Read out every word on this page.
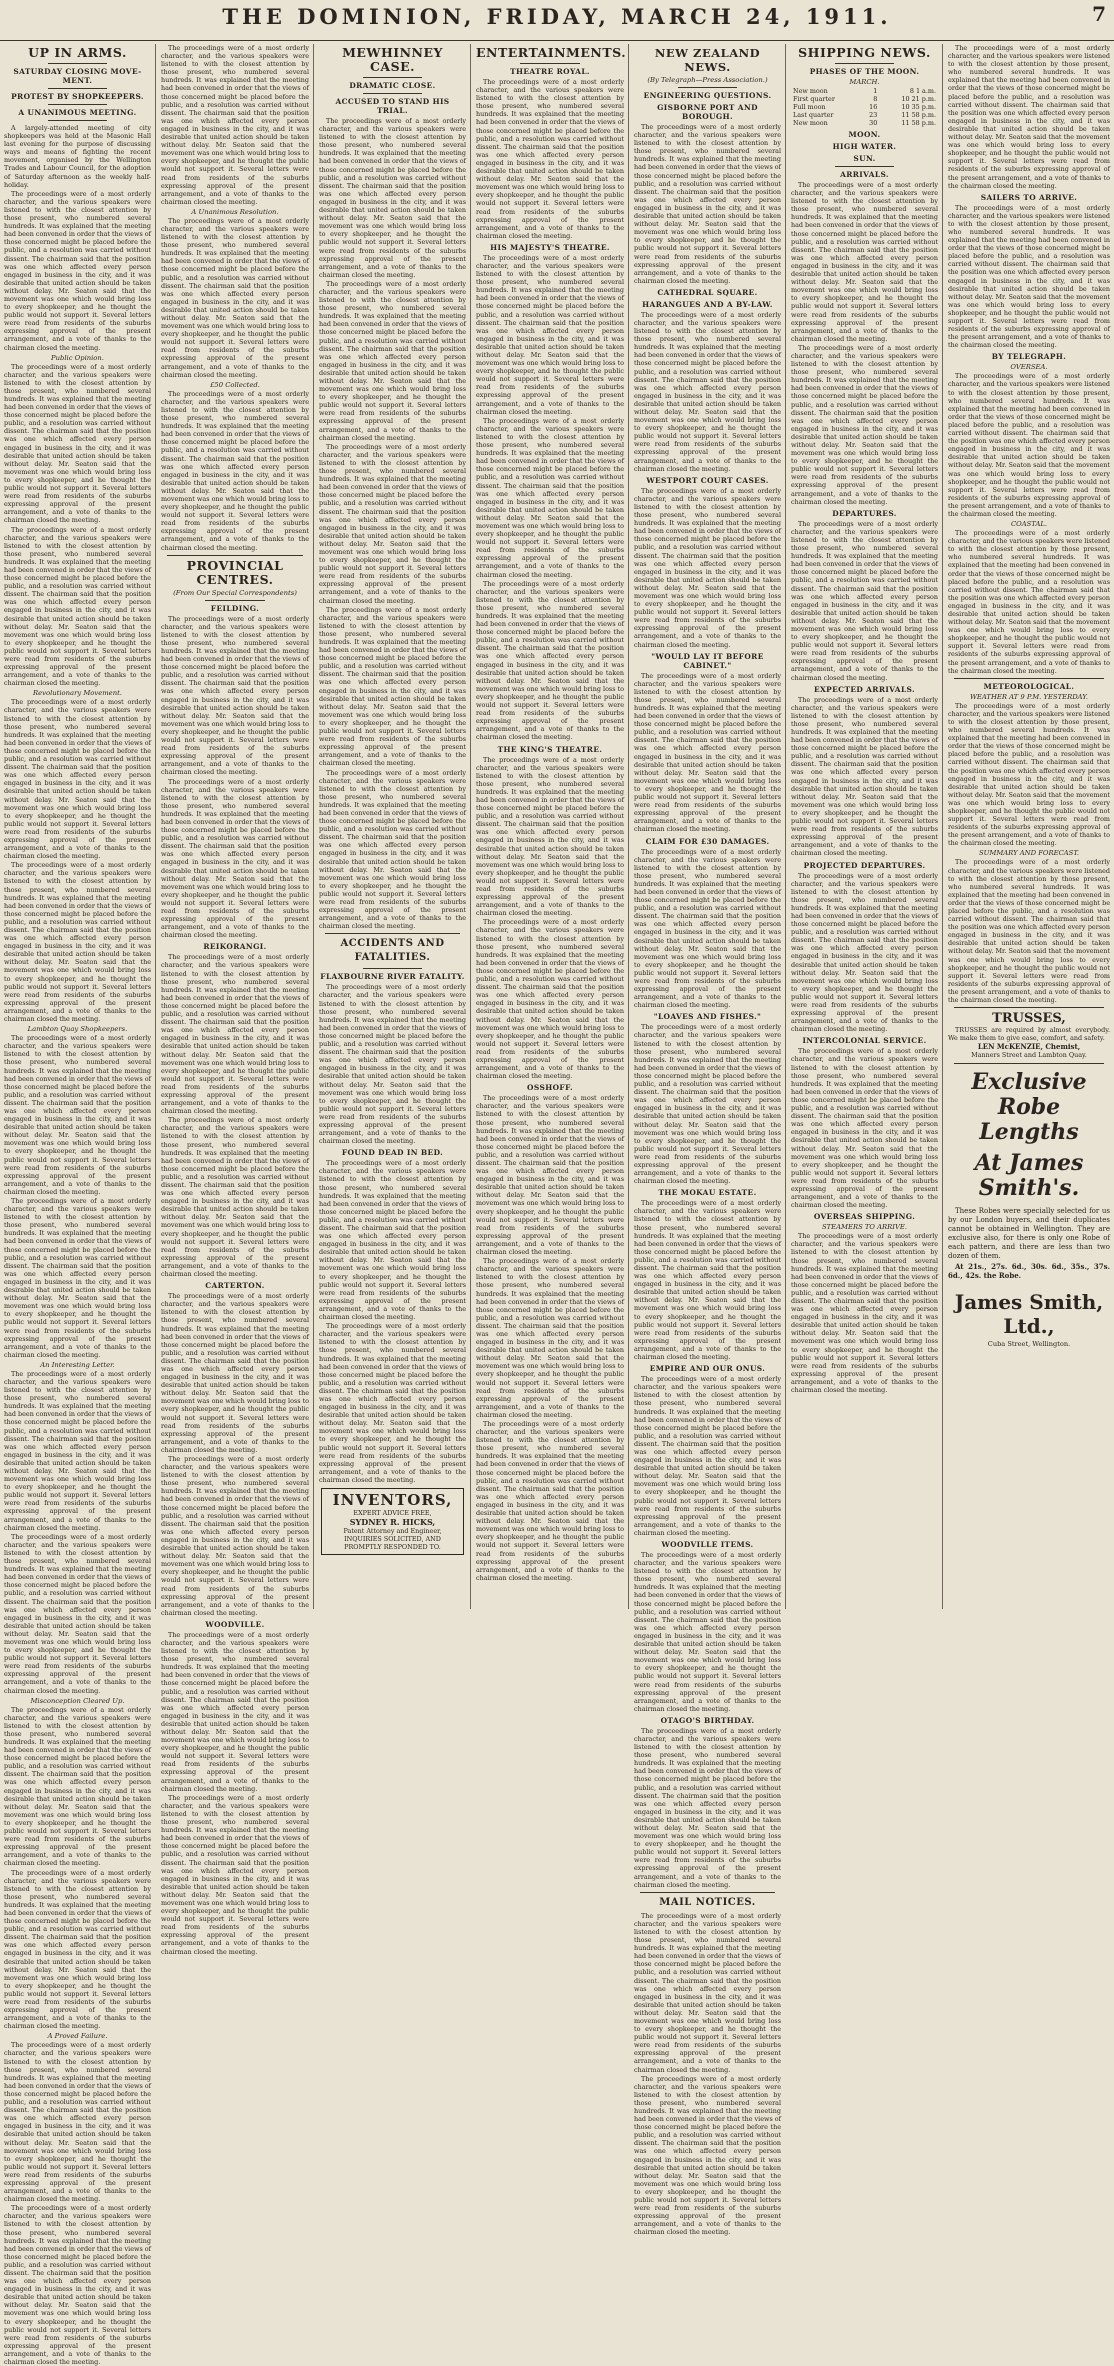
THE DOMINION, FRIDAY, MARCH 24, 1911.	7
UP IN ARMS.
SATURDAY CLOSING MOVE-
MENT.
PROTEST BY SHOPKEEPERS.
A UNANIMOUS MEETING.

A largely-attended meeting of city shopkeepers was held at the Masonic Hall last evening for the purpose of discussing ways and means of fighting the recent movement, organised by the Wellington Trades and Labour Council, for the adoption of Saturday afternoon as the weekly half-holiday.

The proceedings were of a most orderly character, and the various speakers were listened to with the closest attention by those present, who numbered several hundreds. It was explained that the meeting had been convened in order that the views of those concerned might be placed before the public, and a resolution was carried without dissent. The chairman said that the position was one which affected every person engaged in business in the city, and it was desirable that united action should be taken without delay. Mr. Seaton said that the movement was one which would bring loss to every shopkeeper, and he thought the public would not support it. Several letters were read from residents of the suburbs expressing approval of the present arrangement, and a vote of thanks to the chairman closed the meeting.

Public Opinion.

The proceedings were of a most orderly character, and the various speakers were listened to with the closest attention by those present, who numbered several hundreds. It was explained that the meeting had been convened in order that the views of those concerned might be placed before the public, and a resolution was carried without dissent. The chairman said that the position was one which affected every person engaged in business in the city, and it was desirable that united action should be taken without delay. Mr. Seaton said that the movement was one which would bring loss to every shopkeeper, and he thought the public would not support it. Several letters were read from residents of the suburbs expressing approval of the present arrangement, and a vote of thanks to the chairman closed the meeting.

The proceedings were of a most orderly character, and the various speakers were listened to with the closest attention by those present, who numbered several hundreds. It was explained that the meeting had been convened in order that the views of those concerned might be placed before the public, and a resolution was carried without dissent. The chairman said that the position was one which affected every person engaged in business in the city, and it was desirable that united action should be taken without delay. Mr. Seaton said that the movement was one which would bring loss to every shopkeeper, and he thought the public would not support it. Several letters were read from residents of the suburbs expressing approval of the present arrangement, and a vote of thanks to the chairman closed the meeting.

Revolutionary Movement.

The proceedings were of a most orderly character, and the various speakers were listened to with the closest attention by those present, who numbered several hundreds. It was explained that the meeting had been convened in order that the views of those concerned might be placed before the public, and a resolution was carried without dissent. The chairman said that the position was one which affected every person engaged in business in the city, and it was desirable that united action should be taken without delay. Mr. Seaton said that the movement was one which would bring loss to every shopkeeper, and he thought the public would not support it. Several letters were read from residents of the suburbs expressing approval of the present arrangement, and a vote of thanks to the chairman closed the meeting.

The proceedings were of a most orderly character, and the various speakers were listened to with the closest attention by those present, who numbered several hundreds. It was explained that the meeting had been convened in order that the views of those concerned might be placed before the public, and a resolution was carried without dissent. The chairman said that the position was one which affected every person engaged in business in the city, and it was desirable that united action should be taken without delay. Mr. Seaton said that the movement was one which would bring loss to every shopkeeper, and he thought the public would not support it. Several letters were read from residents of the suburbs expressing approval of the present arrangement, and a vote of thanks to the chairman closed the meeting.

Lambton Quay Shopkeepers.

The proceedings were of a most orderly character, and the various speakers were listened to with the closest attention by those present, who numbered several hundreds. It was explained that the meeting had been convened in order that the views of those concerned might be placed before the public, and a resolution was carried without dissent. The chairman said that the position was one which affected every person engaged in business in the city, and it was desirable that united action should be taken without delay. Mr. Seaton said that the movement was one which would bring loss to every shopkeeper, and he thought the public would not support it. Several letters were read from residents of the suburbs expressing approval of the present arrangement, and a vote of thanks to the chairman closed the meeting.

The proceedings were of a most orderly character, and the various speakers were listened to with the closest attention by those present, who numbered several hundreds. It was explained that the meeting had been convened in order that the views of those concerned might be placed before the public, and a resolution was carried without dissent. The chairman said that the position was one which affected every person engaged in business in the city, and it was desirable that united action should be taken without delay. Mr. Seaton said that the movement was one which would bring loss to every shopkeeper, and he thought the public would not support it. Several letters were read from residents of the suburbs expressing approval of the present arrangement, and a vote of thanks to the chairman closed the meeting.

An Interesting Letter.

The proceedings were of a most orderly character, and the various speakers were listened to with the closest attention by those present, who numbered several hundreds. It was explained that the meeting had been convened in order that the views of those concerned might be placed before the public, and a resolution was carried without dissent. The chairman said that the position was one which affected every person engaged in business in the city, and it was desirable that united action should be taken without delay. Mr. Seaton said that the movement was one which would bring loss to every shopkeeper, and he thought the public would not support it. Several letters were read from residents of the suburbs expressing approval of the present arrangement, and a vote of thanks to the chairman closed the meeting.

The proceedings were of a most orderly character, and the various speakers were listened to with the closest attention by those present, who numbered several hundreds. It was explained that the meeting had been convened in order that the views of those concerned might be placed before the public, and a resolution was carried without dissent. The chairman said that the position was one which affected every person engaged in business in the city, and it was desirable that united action should be taken without delay. Mr. Seaton said that the movement was one which would bring loss to every shopkeeper, and he thought the public would not support it. Several letters were read from residents of the suburbs expressing approval of the present arrangement, and a vote of thanks to the chairman closed the meeting.

Misconception Cleared Up.

The proceedings were of a most orderly character, and the various speakers were listened to with the closest attention by those present, who numbered several hundreds. It was explained that the meeting had been convened in order that the views of those concerned might be placed before the public, and a resolution was carried without dissent. The chairman said that the position was one which affected every person engaged in business in the city, and it was desirable that united action should be taken without delay. Mr. Seaton said that the movement was one which would bring loss to every shopkeeper, and he thought the public would not support it. Several letters were read from residents of the suburbs expressing approval of the present arrangement, and a vote of thanks to the chairman closed the meeting.

The proceedings were of a most orderly character, and the various speakers were listened to with the closest attention by those present, who numbered several hundreds. It was explained that the meeting had been convened in order that the views of those concerned might be placed before the public, and a resolution was carried without dissent. The chairman said that the position was one which affected every person engaged in business in the city, and it was desirable that united action should be taken without delay. Mr. Seaton said that the movement was one which would bring loss to every shopkeeper, and he thought the public would not support it. Several letters were read from residents of the suburbs expressing approval of the present arrangement, and a vote of thanks to the chairman closed the meeting.

A Proved Failure.

The proceedings were of a most orderly character, and the various speakers were listened to with the closest attention by those present, who numbered several hundreds. It was explained that the meeting had been convened in order that the views of those concerned might be placed before the public, and a resolution was carried without dissent. The chairman said that the position was one which affected every person engaged in business in the city, and it was desirable that united action should be taken without delay. Mr. Seaton said that the movement was one which would bring loss to every shopkeeper, and he thought the public would not support it. Several letters were read from residents of the suburbs expressing approval of the present arrangement, and a vote of thanks to the chairman closed the meeting.

The proceedings were of a most orderly character, and the various speakers were listened to with the closest attention by those present, who numbered several hundreds. It was explained that the meeting had been convened in order that the views of those concerned might be placed before the public, and a resolution was carried without dissent. The chairman said that the position was one which affected every person engaged in business in the city, and it was desirable that united action should be taken without delay. Mr. Seaton said that the movement was one which would bring loss to every shopkeeper, and he thought the public would not support it. Several letters were read from residents of the suburbs expressing approval of the present arrangement, and a vote of thanks to the chairman closed the meeting.

The proceedings were of a most orderly character, and the various speakers were listened to with the closest attention by those present, who numbered several hundreds. It was explained that the meeting had been convened in order that the views of those concerned might be placed before the public, and a resolution was carried without dissent. The chairman said that the position was one which affected every person engaged in business in the city, and it was desirable that united action should be taken without delay. Mr. Seaton said that the movement was one which would bring loss to every shopkeeper, and he thought the public would not support it. Several letters were read from residents of the suburbs expressing approval of the present arrangement, and a vote of thanks to the chairman closed the meeting.

A Unanimous Resolution.

The proceedings were of a most orderly character, and the various speakers were listened to with the closest attention by those present, who numbered several hundreds. It was explained that the meeting had been convened in order that the views of those concerned might be placed before the public, and a resolution was carried without dissent. The chairman said that the position was one which affected every person engaged in business in the city, and it was desirable that united action should be taken without delay. Mr. Seaton said that the movement was one which would bring loss to every shopkeeper, and he thought the public would not support it. Several letters were read from residents of the suburbs expressing approval of the present arrangement, and a vote of thanks to the chairman closed the meeting.

£50 Collected.

The proceedings were of a most orderly character, and the various speakers were listened to with the closest attention by those present, who numbered several hundreds. It was explained that the meeting had been convened in order that the views of those concerned might be placed before the public, and a resolution was carried without dissent. The chairman said that the position was one which affected every person engaged in business in the city, and it was desirable that united action should be taken without delay. Mr. Seaton said that the movement was one which would bring loss to every shopkeeper, and he thought the public would not support it. Several letters were read from residents of the suburbs expressing approval of the present arrangement, and a vote of thanks to the chairman closed the meeting.

PROVINCIAL CENTRES.
(From Our Special Correspondents)
FEILDING.

The proceedings were of a most orderly character, and the various speakers were listened to with the closest attention by those present, who numbered several hundreds. It was explained that the meeting had been convened in order that the views of those concerned might be placed before the public, and a resolution was carried without dissent. The chairman said that the position was one which affected every person engaged in business in the city, and it was desirable that united action should be taken without delay. Mr. Seaton said that the movement was one which would bring loss to every shopkeeper, and he thought the public would not support it. Several letters were read from residents of the suburbs expressing approval of the present arrangement, and a vote of thanks to the chairman closed the meeting.

The proceedings were of a most orderly character, and the various speakers were listened to with the closest attention by those present, who numbered several hundreds. It was explained that the meeting had been convened in order that the views of those concerned might be placed before the public, and a resolution was carried without dissent. The chairman said that the position was one which affected every person engaged in business in the city, and it was desirable that united action should be taken without delay. Mr. Seaton said that the movement was one which would bring loss to every shopkeeper, and he thought the public would not support it. Several letters were read from residents of the suburbs expressing approval of the present arrangement, and a vote of thanks to the chairman closed the meeting.

REIKORANGI.

The proceedings were of a most orderly character, and the various speakers were listened to with the closest attention by those present, who numbered several hundreds. It was explained that the meeting had been convened in order that the views of those concerned might be placed before the public, and a resolution was carried without dissent. The chairman said that the position was one which affected every person engaged in business in the city, and it was desirable that united action should be taken without delay. Mr. Seaton said that the movement was one which would bring loss to every shopkeeper, and he thought the public would not support it. Several letters were read from residents of the suburbs expressing approval of the present arrangement, and a vote of thanks to the chairman closed the meeting.

The proceedings were of a most orderly character, and the various speakers were listened to with the closest attention by those present, who numbered several hundreds. It was explained that the meeting had been convened in order that the views of those concerned might be placed before the public, and a resolution was carried without dissent. The chairman said that the position was one which affected every person engaged in business in the city, and it was desirable that united action should be taken without delay. Mr. Seaton said that the movement was one which would bring loss to every shopkeeper, and he thought the public would not support it. Several letters were read from residents of the suburbs expressing approval of the present arrangement, and a vote of thanks to the chairman closed the meeting.

CARTERTON.

The proceedings were of a most orderly character, and the various speakers were listened to with the closest attention by those present, who numbered several hundreds. It was explained that the meeting had been convened in order that the views of those concerned might be placed before the public, and a resolution was carried without dissent. The chairman said that the position was one which affected every person engaged in business in the city, and it was desirable that united action should be taken without delay. Mr. Seaton said that the movement was one which would bring loss to every shopkeeper, and he thought the public would not support it. Several letters were read from residents of the suburbs expressing approval of the present arrangement, and a vote of thanks to the chairman closed the meeting.

The proceedings were of a most orderly character, and the various speakers were listened to with the closest attention by those present, who numbered several hundreds. It was explained that the meeting had been convened in order that the views of those concerned might be placed before the public, and a resolution was carried without dissent. The chairman said that the position was one which affected every person engaged in business in the city, and it was desirable that united action should be taken without delay. Mr. Seaton said that the movement was one which would bring loss to every shopkeeper, and he thought the public would not support it. Several letters were read from residents of the suburbs expressing approval of the present arrangement, and a vote of thanks to the chairman closed the meeting.

WOODVILLE.

The proceedings were of a most orderly character, and the various speakers were listened to with the closest attention by those present, who numbered several hundreds. It was explained that the meeting had been convened in order that the views of those concerned might be placed before the public, and a resolution was carried without dissent. The chairman said that the position was one which affected every person engaged in business in the city, and it was desirable that united action should be taken without delay. Mr. Seaton said that the movement was one which would bring loss to every shopkeeper, and he thought the public would not support it. Several letters were read from residents of the suburbs expressing approval of the present arrangement, and a vote of thanks to the chairman closed the meeting.

The proceedings were of a most orderly character, and the various speakers were listened to with the closest attention by those present, who numbered several hundreds. It was explained that the meeting had been convened in order that the views of those concerned might be placed before the public, and a resolution was carried without dissent. The chairman said that the position was one which affected every person engaged in business in the city, and it was desirable that united action should be taken without delay. Mr. Seaton said that the movement was one which would bring loss to every shopkeeper, and he thought the public would not support it. Several letters were read from residents of the suburbs expressing approval of the present arrangement, and a vote of thanks to the chairman closed the meeting.

MEWHINNEY CASE.
DRAMATIC CLOSE.
ACCUSED TO STAND HIS TRIAL.

The proceedings were of a most orderly character, and the various speakers were listened to with the closest attention by those present, who numbered several hundreds. It was explained that the meeting had been convened in order that the views of those concerned might be placed before the public, and a resolution was carried without dissent. The chairman said that the position was one which affected every person engaged in business in the city, and it was desirable that united action should be taken without delay. Mr. Seaton said that the movement was one which would bring loss to every shopkeeper, and he thought the public would not support it. Several letters were read from residents of the suburbs expressing approval of the present arrangement, and a vote of thanks to the chairman closed the meeting.

The proceedings were of a most orderly character, and the various speakers were listened to with the closest attention by those present, who numbered several hundreds. It was explained that the meeting had been convened in order that the views of those concerned might be placed before the public, and a resolution was carried without dissent. The chairman said that the position was one which affected every person engaged in business in the city, and it was desirable that united action should be taken without delay. Mr. Seaton said that the movement was one which would bring loss to every shopkeeper, and he thought the public would not support it. Several letters were read from residents of the suburbs expressing approval of the present arrangement, and a vote of thanks to the chairman closed the meeting.

The proceedings were of a most orderly character, and the various speakers were listened to with the closest attention by those present, who numbered several hundreds. It was explained that the meeting had been convened in order that the views of those concerned might be placed before the public, and a resolution was carried without dissent. The chairman said that the position was one which affected every person engaged in business in the city, and it was desirable that united action should be taken without delay. Mr. Seaton said that the movement was one which would bring loss to every shopkeeper, and he thought the public would not support it. Several letters were read from residents of the suburbs expressing approval of the present arrangement, and a vote of thanks to the chairman closed the meeting.

The proceedings were of a most orderly character, and the various speakers were listened to with the closest attention by those present, who numbered several hundreds. It was explained that the meeting had been convened in order that the views of those concerned might be placed before the public, and a resolution was carried without dissent. The chairman said that the position was one which affected every person engaged in business in the city, and it was desirable that united action should be taken without delay. Mr. Seaton said that the movement was one which would bring loss to every shopkeeper, and he thought the public would not support it. Several letters were read from residents of the suburbs expressing approval of the present arrangement, and a vote of thanks to the chairman closed the meeting.

The proceedings were of a most orderly character, and the various speakers were listened to with the closest attention by those present, who numbered several hundreds. It was explained that the meeting had been convened in order that the views of those concerned might be placed before the public, and a resolution was carried without dissent. The chairman said that the position was one which affected every person engaged in business in the city, and it was desirable that united action should be taken without delay. Mr. Seaton said that the movement was one which would bring loss to every shopkeeper, and he thought the public would not support it. Several letters were read from residents of the suburbs expressing approval of the present arrangement, and a vote of thanks to the chairman closed the meeting.

ACCIDENTS AND FATALITIES.
FLAXBOURNE RIVER FATALITY.

The proceedings were of a most orderly character, and the various speakers were listened to with the closest attention by those present, who numbered several hundreds. It was explained that the meeting had been convened in order that the views of those concerned might be placed before the public, and a resolution was carried without dissent. The chairman said that the position was one which affected every person engaged in business in the city, and it was desirable that united action should be taken without delay. Mr. Seaton said that the movement was one which would bring loss to every shopkeeper, and he thought the public would not support it. Several letters were read from residents of the suburbs expressing approval of the present arrangement, and a vote of thanks to the chairman closed the meeting.

FOUND DEAD IN BED.

The proceedings were of a most orderly character, and the various speakers were listened to with the closest attention by those present, who numbered several hundreds. It was explained that the meeting had been convened in order that the views of those concerned might be placed before the public, and a resolution was carried without dissent. The chairman said that the position was one which affected every person engaged in business in the city, and it was desirable that united action should be taken without delay. Mr. Seaton said that the movement was one which would bring loss to every shopkeeper, and he thought the public would not support it. Several letters were read from residents of the suburbs expressing approval of the present arrangement, and a vote of thanks to the chairman closed the meeting.

The proceedings were of a most orderly character, and the various speakers were listened to with the closest attention by those present, who numbered several hundreds. It was explained that the meeting had been convened in order that the views of those concerned might be placed before the public, and a resolution was carried without dissent. The chairman said that the position was one which affected every person engaged in business in the city, and it was desirable that united action should be taken without delay. Mr. Seaton said that the movement was one which would bring loss to every shopkeeper, and he thought the public would not support it. Several letters were read from residents of the suburbs expressing approval of the present arrangement, and a vote of thanks to the chairman closed the meeting.

INVENTORS,
EXPERT ADVICE FREE,
SYDNEY R. HICKS,
Patent Attorney and Engineer,
INQUIRIES SOLICITED, AND PROMPTLY RESPONDED TO.
ENTERTAINMENTS.
THEATRE ROYAL.

The proceedings were of a most orderly character, and the various speakers were listened to with the closest attention by those present, who numbered several hundreds. It was explained that the meeting had been convened in order that the views of those concerned might be placed before the public, and a resolution was carried without dissent. The chairman said that the position was one which affected every person engaged in business in the city, and it was desirable that united action should be taken without delay. Mr. Seaton said that the movement was one which would bring loss to every shopkeeper, and he thought the public would not support it. Several letters were read from residents of the suburbs expressing approval of the present arrangement, and a vote of thanks to the chairman closed the meeting.

HIS MAJESTY'S THEATRE.

The proceedings were of a most orderly character, and the various speakers were listened to with the closest attention by those present, who numbered several hundreds. It was explained that the meeting had been convened in order that the views of those concerned might be placed before the public, and a resolution was carried without dissent. The chairman said that the position was one which affected every person engaged in business in the city, and it was desirable that united action should be taken without delay. Mr. Seaton said that the movement was one which would bring loss to every shopkeeper, and he thought the public would not support it. Several letters were read from residents of the suburbs expressing approval of the present arrangement, and a vote of thanks to the chairman closed the meeting.

The proceedings were of a most orderly character, and the various speakers were listened to with the closest attention by those present, who numbered several hundreds. It was explained that the meeting had been convened in order that the views of those concerned might be placed before the public, and a resolution was carried without dissent. The chairman said that the position was one which affected every person engaged in business in the city, and it was desirable that united action should be taken without delay. Mr. Seaton said that the movement was one which would bring loss to every shopkeeper, and he thought the public would not support it. Several letters were read from residents of the suburbs expressing approval of the present arrangement, and a vote of thanks to the chairman closed the meeting.

The proceedings were of a most orderly character, and the various speakers were listened to with the closest attention by those present, who numbered several hundreds. It was explained that the meeting had been convened in order that the views of those concerned might be placed before the public, and a resolution was carried without dissent. The chairman said that the position was one which affected every person engaged in business in the city, and it was desirable that united action should be taken without delay. Mr. Seaton said that the movement was one which would bring loss to every shopkeeper, and he thought the public would not support it. Several letters were read from residents of the suburbs expressing approval of the present arrangement, and a vote of thanks to the chairman closed the meeting.

THE KING'S THEATRE.

The proceedings were of a most orderly character, and the various speakers were listened to with the closest attention by those present, who numbered several hundreds. It was explained that the meeting had been convened in order that the views of those concerned might be placed before the public, and a resolution was carried without dissent. The chairman said that the position was one which affected every person engaged in business in the city, and it was desirable that united action should be taken without delay. Mr. Seaton said that the movement was one which would bring loss to every shopkeeper, and he thought the public would not support it. Several letters were read from residents of the suburbs expressing approval of the present arrangement, and a vote of thanks to the chairman closed the meeting.

The proceedings were of a most orderly character, and the various speakers were listened to with the closest attention by those present, who numbered several hundreds. It was explained that the meeting had been convened in order that the views of those concerned might be placed before the public, and a resolution was carried without dissent. The chairman said that the position was one which affected every person engaged in business in the city, and it was desirable that united action should be taken without delay. Mr. Seaton said that the movement was one which would bring loss to every shopkeeper, and he thought the public would not support it. Several letters were read from residents of the suburbs expressing approval of the present arrangement, and a vote of thanks to the chairman closed the meeting.

OSSHOFF.

The proceedings were of a most orderly character, and the various speakers were listened to with the closest attention by those present, who numbered several hundreds. It was explained that the meeting had been convened in order that the views of those concerned might be placed before the public, and a resolution was carried without dissent. The chairman said that the position was one which affected every person engaged in business in the city, and it was desirable that united action should be taken without delay. Mr. Seaton said that the movement was one which would bring loss to every shopkeeper, and he thought the public would not support it. Several letters were read from residents of the suburbs expressing approval of the present arrangement, and a vote of thanks to the chairman closed the meeting.

The proceedings were of a most orderly character, and the various speakers were listened to with the closest attention by those present, who numbered several hundreds. It was explained that the meeting had been convened in order that the views of those concerned might be placed before the public, and a resolution was carried without dissent. The chairman said that the position was one which affected every person engaged in business in the city, and it was desirable that united action should be taken without delay. Mr. Seaton said that the movement was one which would bring loss to every shopkeeper, and he thought the public would not support it. Several letters were read from residents of the suburbs expressing approval of the present arrangement, and a vote of thanks to the chairman closed the meeting.

The proceedings were of a most orderly character, and the various speakers were listened to with the closest attention by those present, who numbered several hundreds. It was explained that the meeting had been convened in order that the views of those concerned might be placed before the public, and a resolution was carried without dissent. The chairman said that the position was one which affected every person engaged in business in the city, and it was desirable that united action should be taken without delay. Mr. Seaton said that the movement was one which would bring loss to every shopkeeper, and he thought the public would not support it. Several letters were read from residents of the suburbs expressing approval of the present arrangement, and a vote of thanks to the chairman closed the meeting.

NEW ZEALAND NEWS.
(By Telegraph—Press Association.)
ENGINEERING QUESTIONS.
GISBORNE PORT AND BOROUGH.

The proceedings were of a most orderly character, and the various speakers were listened to with the closest attention by those present, who numbered several hundreds. It was explained that the meeting had been convened in order that the views of those concerned might be placed before the public, and a resolution was carried without dissent. The chairman said that the position was one which affected every person engaged in business in the city, and it was desirable that united action should be taken without delay. Mr. Seaton said that the movement was one which would bring loss to every shopkeeper, and he thought the public would not support it. Several letters were read from residents of the suburbs expressing approval of the present arrangement, and a vote of thanks to the chairman closed the meeting.

CATHEDRAL SQUARE.
HARANGUES AND A BY-LAW.

The proceedings were of a most orderly character, and the various speakers were listened to with the closest attention by those present, who numbered several hundreds. It was explained that the meeting had been convened in order that the views of those concerned might be placed before the public, and a resolution was carried without dissent. The chairman said that the position was one which affected every person engaged in business in the city, and it was desirable that united action should be taken without delay. Mr. Seaton said that the movement was one which would bring loss to every shopkeeper, and he thought the public would not support it. Several letters were read from residents of the suburbs expressing approval of the present arrangement, and a vote of thanks to the chairman closed the meeting.

WESTPORT COURT CASES.

The proceedings were of a most orderly character, and the various speakers were listened to with the closest attention by those present, who numbered several hundreds. It was explained that the meeting had been convened in order that the views of those concerned might be placed before the public, and a resolution was carried without dissent. The chairman said that the position was one which affected every person engaged in business in the city, and it was desirable that united action should be taken without delay. Mr. Seaton said that the movement was one which would bring loss to every shopkeeper, and he thought the public would not support it. Several letters were read from residents of the suburbs expressing approval of the present arrangement, and a vote of thanks to the chairman closed the meeting.

"WOULD LAY IT BEFORE CABINET."

The proceedings were of a most orderly character, and the various speakers were listened to with the closest attention by those present, who numbered several hundreds. It was explained that the meeting had been convened in order that the views of those concerned might be placed before the public, and a resolution was carried without dissent. The chairman said that the position was one which affected every person engaged in business in the city, and it was desirable that united action should be taken without delay. Mr. Seaton said that the movement was one which would bring loss to every shopkeeper, and he thought the public would not support it. Several letters were read from residents of the suburbs expressing approval of the present arrangement, and a vote of thanks to the chairman closed the meeting.

CLAIM FOR £30 DAMAGES.

The proceedings were of a most orderly character, and the various speakers were listened to with the closest attention by those present, who numbered several hundreds. It was explained that the meeting had been convened in order that the views of those concerned might be placed before the public, and a resolution was carried without dissent. The chairman said that the position was one which affected every person engaged in business in the city, and it was desirable that united action should be taken without delay. Mr. Seaton said that the movement was one which would bring loss to every shopkeeper, and he thought the public would not support it. Several letters were read from residents of the suburbs expressing approval of the present arrangement, and a vote of thanks to the chairman closed the meeting.

"LOAVES AND FISHES."

The proceedings were of a most orderly character, and the various speakers were listened to with the closest attention by those present, who numbered several hundreds. It was explained that the meeting had been convened in order that the views of those concerned might be placed before the public, and a resolution was carried without dissent. The chairman said that the position was one which affected every person engaged in business in the city, and it was desirable that united action should be taken without delay. Mr. Seaton said that the movement was one which would bring loss to every shopkeeper, and he thought the public would not support it. Several letters were read from residents of the suburbs expressing approval of the present arrangement, and a vote of thanks to the chairman closed the meeting.

THE MOKAU ESTATE.

The proceedings were of a most orderly character, and the various speakers were listened to with the closest attention by those present, who numbered several hundreds. It was explained that the meeting had been convened in order that the views of those concerned might be placed before the public, and a resolution was carried without dissent. The chairman said that the position was one which affected every person engaged in business in the city, and it was desirable that united action should be taken without delay. Mr. Seaton said that the movement was one which would bring loss to every shopkeeper, and he thought the public would not support it. Several letters were read from residents of the suburbs expressing approval of the present arrangement, and a vote of thanks to the chairman closed the meeting.

EMPIRE AND OUR ONUS.

The proceedings were of a most orderly character, and the various speakers were listened to with the closest attention by those present, who numbered several hundreds. It was explained that the meeting had been convened in order that the views of those concerned might be placed before the public, and a resolution was carried without dissent. The chairman said that the position was one which affected every person engaged in business in the city, and it was desirable that united action should be taken without delay. Mr. Seaton said that the movement was one which would bring loss to every shopkeeper, and he thought the public would not support it. Several letters were read from residents of the suburbs expressing approval of the present arrangement, and a vote of thanks to the chairman closed the meeting.

WOODVILLE ITEMS.

The proceedings were of a most orderly character, and the various speakers were listened to with the closest attention by those present, who numbered several hundreds. It was explained that the meeting had been convened in order that the views of those concerned might be placed before the public, and a resolution was carried without dissent. The chairman said that the position was one which affected every person engaged in business in the city, and it was desirable that united action should be taken without delay. Mr. Seaton said that the movement was one which would bring loss to every shopkeeper, and he thought the public would not support it. Several letters were read from residents of the suburbs expressing approval of the present arrangement, and a vote of thanks to the chairman closed the meeting.

OTAGO'S BIRTHDAY.

The proceedings were of a most orderly character, and the various speakers were listened to with the closest attention by those present, who numbered several hundreds. It was explained that the meeting had been convened in order that the views of those concerned might be placed before the public, and a resolution was carried without dissent. The chairman said that the position was one which affected every person engaged in business in the city, and it was desirable that united action should be taken without delay. Mr. Seaton said that the movement was one which would bring loss to every shopkeeper, and he thought the public would not support it. Several letters were read from residents of the suburbs expressing approval of the present arrangement, and a vote of thanks to the chairman closed the meeting.

MAIL NOTICES.

The proceedings were of a most orderly character, and the various speakers were listened to with the closest attention by those present, who numbered several hundreds. It was explained that the meeting had been convened in order that the views of those concerned might be placed before the public, and a resolution was carried without dissent. The chairman said that the position was one which affected every person engaged in business in the city, and it was desirable that united action should be taken without delay. Mr. Seaton said that the movement was one which would bring loss to every shopkeeper, and he thought the public would not support it. Several letters were read from residents of the suburbs expressing approval of the present arrangement, and a vote of thanks to the chairman closed the meeting.

The proceedings were of a most orderly character, and the various speakers were listened to with the closest attention by those present, who numbered several hundreds. It was explained that the meeting had been convened in order that the views of those concerned might be placed before the public, and a resolution was carried without dissent. The chairman said that the position was one which affected every person engaged in business in the city, and it was desirable that united action should be taken without delay. Mr. Seaton said that the movement was one which would bring loss to every shopkeeper, and he thought the public would not support it. Several letters were read from residents of the suburbs expressing approval of the present arrangement, and a vote of thanks to the chairman closed the meeting.

SHIPPING NEWS.
PHASES OF THE MOON.
MARCH.
New moon	1	8 1 a.m.
First quarter	8	10 21 p.m.
Full moon	16	10 35 p.m.
Last quarter	23	11 58 p.m.
New moon	30	11 58 p.m.
MOON.
HIGH WATER.
SUN.
ARRIVALS.

The proceedings were of a most orderly character, and the various speakers were listened to with the closest attention by those present, who numbered several hundreds. It was explained that the meeting had been convened in order that the views of those concerned might be placed before the public, and a resolution was carried without dissent. The chairman said that the position was one which affected every person engaged in business in the city, and it was desirable that united action should be taken without delay. Mr. Seaton said that the movement was one which would bring loss to every shopkeeper, and he thought the public would not support it. Several letters were read from residents of the suburbs expressing approval of the present arrangement, and a vote of thanks to the chairman closed the meeting.

The proceedings were of a most orderly character, and the various speakers were listened to with the closest attention by those present, who numbered several hundreds. It was explained that the meeting had been convened in order that the views of those concerned might be placed before the public, and a resolution was carried without dissent. The chairman said that the position was one which affected every person engaged in business in the city, and it was desirable that united action should be taken without delay. Mr. Seaton said that the movement was one which would bring loss to every shopkeeper, and he thought the public would not support it. Several letters were read from residents of the suburbs expressing approval of the present arrangement, and a vote of thanks to the chairman closed the meeting.

DEPARTURES.

The proceedings were of a most orderly character, and the various speakers were listened to with the closest attention by those present, who numbered several hundreds. It was explained that the meeting had been convened in order that the views of those concerned might be placed before the public, and a resolution was carried without dissent. The chairman said that the position was one which affected every person engaged in business in the city, and it was desirable that united action should be taken without delay. Mr. Seaton said that the movement was one which would bring loss to every shopkeeper, and he thought the public would not support it. Several letters were read from residents of the suburbs expressing approval of the present arrangement, and a vote of thanks to the chairman closed the meeting.

EXPECTED ARRIVALS.

The proceedings were of a most orderly character, and the various speakers were listened to with the closest attention by those present, who numbered several hundreds. It was explained that the meeting had been convened in order that the views of those concerned might be placed before the public, and a resolution was carried without dissent. The chairman said that the position was one which affected every person engaged in business in the city, and it was desirable that united action should be taken without delay. Mr. Seaton said that the movement was one which would bring loss to every shopkeeper, and he thought the public would not support it. Several letters were read from residents of the suburbs expressing approval of the present arrangement, and a vote of thanks to the chairman closed the meeting.

PROJECTED DEPARTURES.

The proceedings were of a most orderly character, and the various speakers were listened to with the closest attention by those present, who numbered several hundreds. It was explained that the meeting had been convened in order that the views of those concerned might be placed before the public, and a resolution was carried without dissent. The chairman said that the position was one which affected every person engaged in business in the city, and it was desirable that united action should be taken without delay. Mr. Seaton said that the movement was one which would bring loss to every shopkeeper, and he thought the public would not support it. Several letters were read from residents of the suburbs expressing approval of the present arrangement, and a vote of thanks to the chairman closed the meeting.

INTERCOLONIAL SERVICE.

The proceedings were of a most orderly character, and the various speakers were listened to with the closest attention by those present, who numbered several hundreds. It was explained that the meeting had been convened in order that the views of those concerned might be placed before the public, and a resolution was carried without dissent. The chairman said that the position was one which affected every person engaged in business in the city, and it was desirable that united action should be taken without delay. Mr. Seaton said that the movement was one which would bring loss to every shopkeeper, and he thought the public would not support it. Several letters were read from residents of the suburbs expressing approval of the present arrangement, and a vote of thanks to the chairman closed the meeting.

OVERSEAS SHIPPING.
STEAMERS TO ARRIVE.

The proceedings were of a most orderly character, and the various speakers were listened to with the closest attention by those present, who numbered several hundreds. It was explained that the meeting had been convened in order that the views of those concerned might be placed before the public, and a resolution was carried without dissent. The chairman said that the position was one which affected every person engaged in business in the city, and it was desirable that united action should be taken without delay. Mr. Seaton said that the movement was one which would bring loss to every shopkeeper, and he thought the public would not support it. Several letters were read from residents of the suburbs expressing approval of the present arrangement, and a vote of thanks to the chairman closed the meeting.

The proceedings were of a most orderly character, and the various speakers were listened to with the closest attention by those present, who numbered several hundreds. It was explained that the meeting had been convened in order that the views of those concerned might be placed before the public, and a resolution was carried without dissent. The chairman said that the position was one which affected every person engaged in business in the city, and it was desirable that united action should be taken without delay. Mr. Seaton said that the movement was one which would bring loss to every shopkeeper, and he thought the public would not support it. Several letters were read from residents of the suburbs expressing approval of the present arrangement, and a vote of thanks to the chairman closed the meeting.

SAILERS TO ARRIVE.

The proceedings were of a most orderly character, and the various speakers were listened to with the closest attention by those present, who numbered several hundreds. It was explained that the meeting had been convened in order that the views of those concerned might be placed before the public, and a resolution was carried without dissent. The chairman said that the position was one which affected every person engaged in business in the city, and it was desirable that united action should be taken without delay. Mr. Seaton said that the movement was one which would bring loss to every shopkeeper, and he thought the public would not support it. Several letters were read from residents of the suburbs expressing approval of the present arrangement, and a vote of thanks to the chairman closed the meeting.

BY TELEGRAPH.
OVERSEA.

The proceedings were of a most orderly character, and the various speakers were listened to with the closest attention by those present, who numbered several hundreds. It was explained that the meeting had been convened in order that the views of those concerned might be placed before the public, and a resolution was carried without dissent. The chairman said that the position was one which affected every person engaged in business in the city, and it was desirable that united action should be taken without delay. Mr. Seaton said that the movement was one which would bring loss to every shopkeeper, and he thought the public would not support it. Several letters were read from residents of the suburbs expressing approval of the present arrangement, and a vote of thanks to the chairman closed the meeting.

COASTAL.

The proceedings were of a most orderly character, and the various speakers were listened to with the closest attention by those present, who numbered several hundreds. It was explained that the meeting had been convened in order that the views of those concerned might be placed before the public, and a resolution was carried without dissent. The chairman said that the position was one which affected every person engaged in business in the city, and it was desirable that united action should be taken without delay. Mr. Seaton said that the movement was one which would bring loss to every shopkeeper, and he thought the public would not support it. Several letters were read from residents of the suburbs expressing approval of the present arrangement, and a vote of thanks to the chairman closed the meeting.

METEOROLOGICAL.
WEATHER AT 9 P.M. YESTERDAY.

The proceedings were of a most orderly character, and the various speakers were listened to with the closest attention by those present, who numbered several hundreds. It was explained that the meeting had been convened in order that the views of those concerned might be placed before the public, and a resolution was carried without dissent. The chairman said that the position was one which affected every person engaged in business in the city, and it was desirable that united action should be taken without delay. Mr. Seaton said that the movement was one which would bring loss to every shopkeeper, and he thought the public would not support it. Several letters were read from residents of the suburbs expressing approval of the present arrangement, and a vote of thanks to the chairman closed the meeting.

SUMMARY AND FORECAST.

The proceedings were of a most orderly character, and the various speakers were listened to with the closest attention by those present, who numbered several hundreds. It was explained that the meeting had been convened in order that the views of those concerned might be placed before the public, and a resolution was carried without dissent. The chairman said that the position was one which affected every person engaged in business in the city, and it was desirable that united action should be taken without delay. Mr. Seaton said that the movement was one which would bring loss to every shopkeeper, and he thought the public would not support it. Several letters were read from residents of the suburbs expressing approval of the present arrangement, and a vote of thanks to the chairman closed the meeting.

TRUSSES,

TRUSSES are required by almost everybody. We make them to give ease, comfort, and safety.

LEN McKENZIE, Chemist,
Manners Street and Lambton Quay.
Exclusive Robe Lengths
At James Smith's.

These Robes were specially selected for us by our London buyers, and their duplicates cannot be obtained in Wellington. They are exclusive also, for there is only one Robe of each pattern, and there are less than two dozen of them.

At 21s., 27s. 6d., 30s. 6d., 35s., 37s. 6d., 42s. the Robe.

James Smith, Ltd.,
Cuba Street, Wellington.
